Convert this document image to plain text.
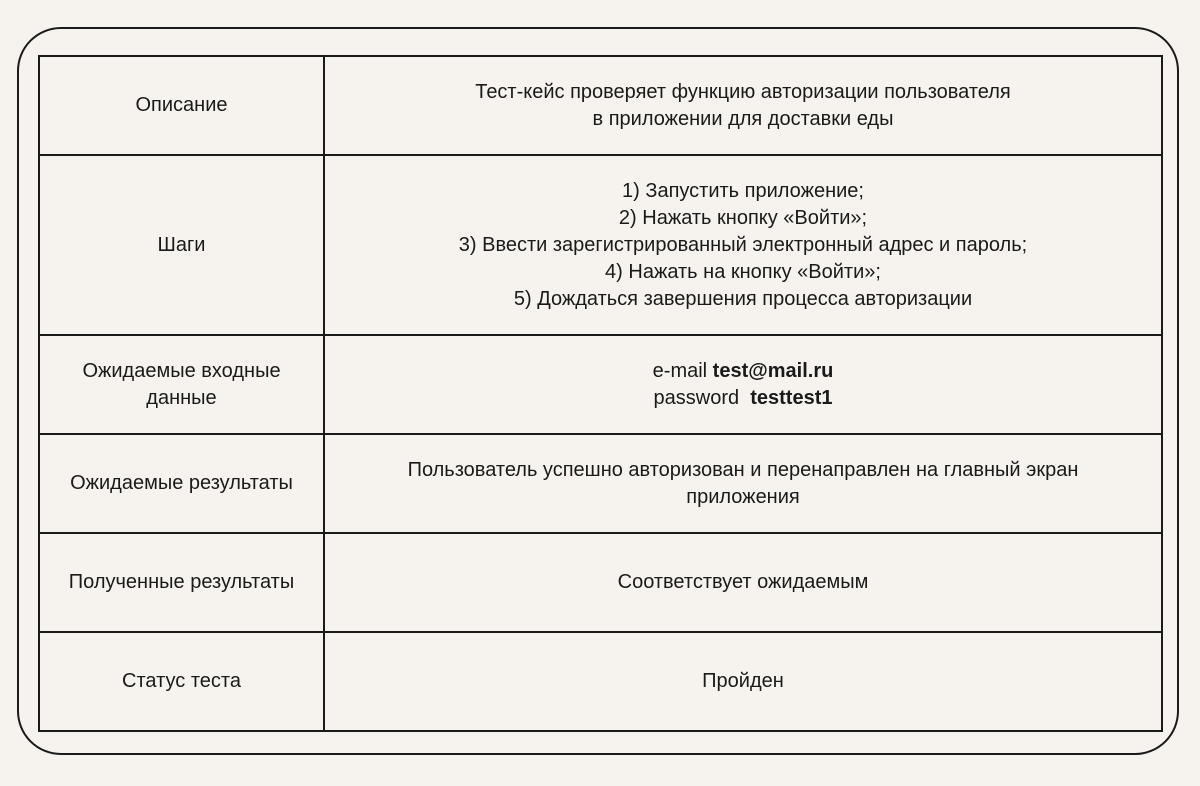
Описание	Тест-кейс проверяет функцию авторизации пользователя
в приложении для доставки еды

Шаги	1) Запустить приложение;
2) Нажать кнопку «Войти»;
3) Ввести зарегистрированный электронный адрес и пароль;
4) Нажать на кнопку «Войти»;
5) Дождаться завершения процесса авторизации

Ожидаемые входные данные	e-mail test@mail.ru
password testtest1

Ожидаемые результаты	Пользователь успешно авторизован и перенаправлен на главный экран
приложения

Полученные результаты	Соответствует ожидаемым
Статус теста	Пройден
